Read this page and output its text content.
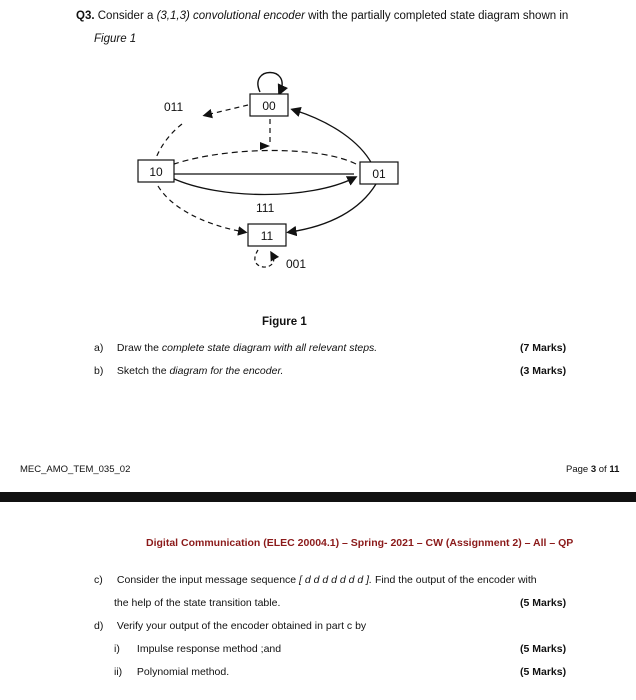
Q3. Consider a (3,1,3) convolutional encoder with the partially completed state diagram shown in
Figure 1
00
10	01
11
011
111
001
Figure 1
a) Draw the complete state diagram with all relevant steps.	(7 Marks)
b) Sketch the diagram for the encoder.	(3 Marks)
MEC_AMO_TEM_035_02	Page 3 of 11
Digital Communication (ELEC 20004.1) – Spring- 2021 – CW (Assignment 2) – All – QP
c) Consider the input message sequence [ d d d d d d d ]. Find the output of the encoder with
the help of the state transition table.	(5 Marks)
d) Verify your output of the encoder obtained in part c by
i) Impulse response method ;and	(5 Marks)
ii) Polynomial method.	(5 Marks)
